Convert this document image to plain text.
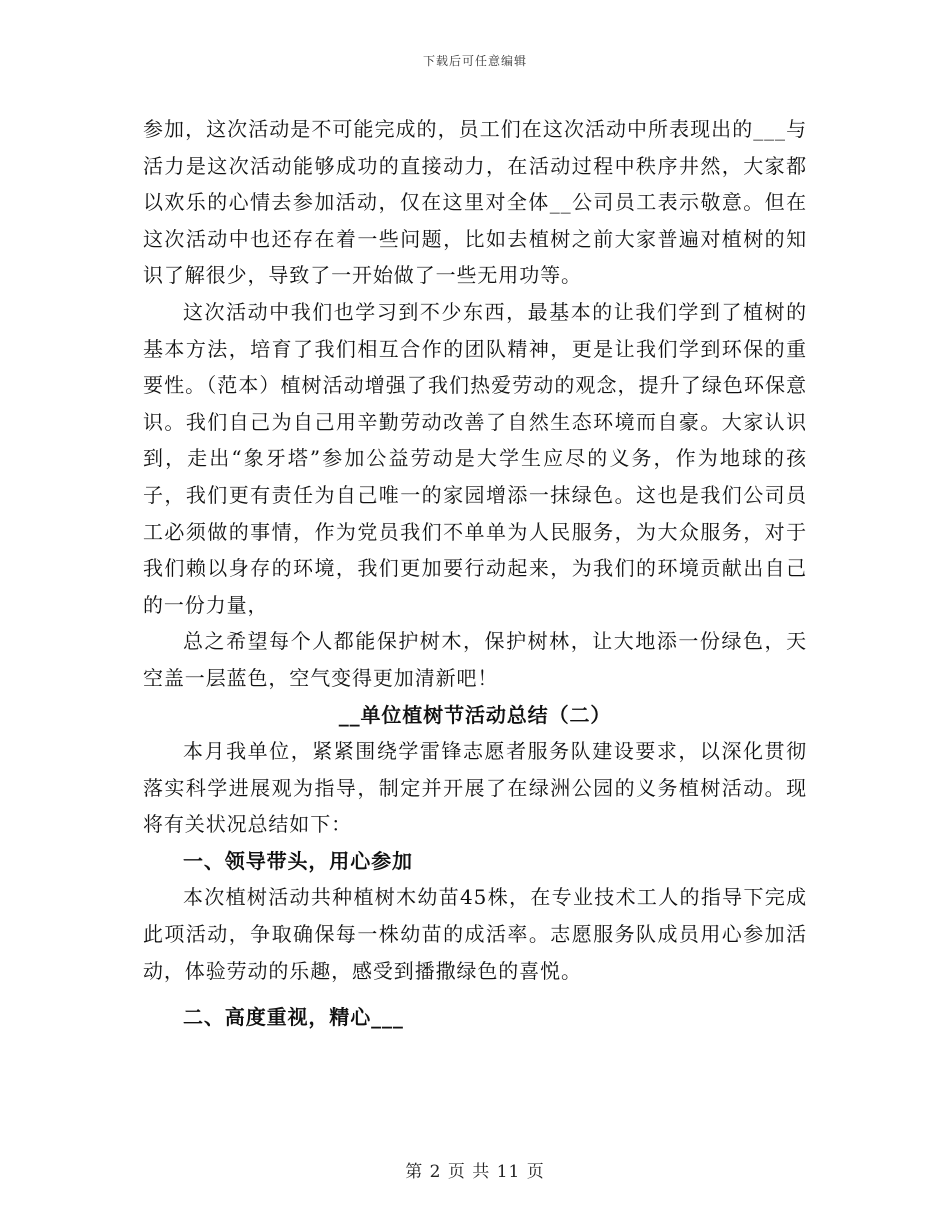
下载后可任意编辑

参加，这次活动是不可能完成的，员工们在这次活动中所表现出的___与活力是这次活动能够成功的直接动力，在活动过程中秩序井然，大家都以欢乐的心情去参加活动，仅在这里对全体__公司员工表示敬意。但在这次活动中也还存在着一些问题，比如去植树之前大家普遍对植树的知识了解很少，导致了一开始做了一些无用功等。

这次活动中我们也学习到不少东西，最基本的让我们学到了植树的基本方法，培育了我们相互合作的团队精神，更是让我们学到环保的重要性。（范本）植树活动增强了我们热爱劳动的观念，提升了绿色环保意识。我们自己为自己用辛勤劳动改善了自然生态环境而自豪。大家认识到，走出“象牙塔”参加公益劳动是大学生应尽的义务，作为地球的孩子，我们更有责任为自己唯一的家园增添一抹绿色。这也是我们公司员工必须做的事情，作为党员我们不单单为人民服务，为大众服务，对于我们赖以身存的环境，我们更加要行动起来，为我们的环境贡献出自己的一份力量，

总之希望每个人都能保护树木，保护树林，让大地添一份绿色，天空盖一层蓝色，空气变得更加清新吧！

__单位植树节活动总结（二）

本月我单位，紧紧围绕学雷锋志愿者服务队建设要求，以深化贯彻落实科学进展观为指导，制定并开展了在绿洲公园的义务植树活动。现将有关状况总结如下：

一、领导带头，用心参加

本次植树活动共种植树木幼苗45株，在专业技术工人的指导下完成此项活动，争取确保每一株幼苗的成活率。志愿服务队成员用心参加活动，体验劳动的乐趣，感受到播撒绿色的喜悦。

二、高度重视，精心___

第 2 页 共 11 页
